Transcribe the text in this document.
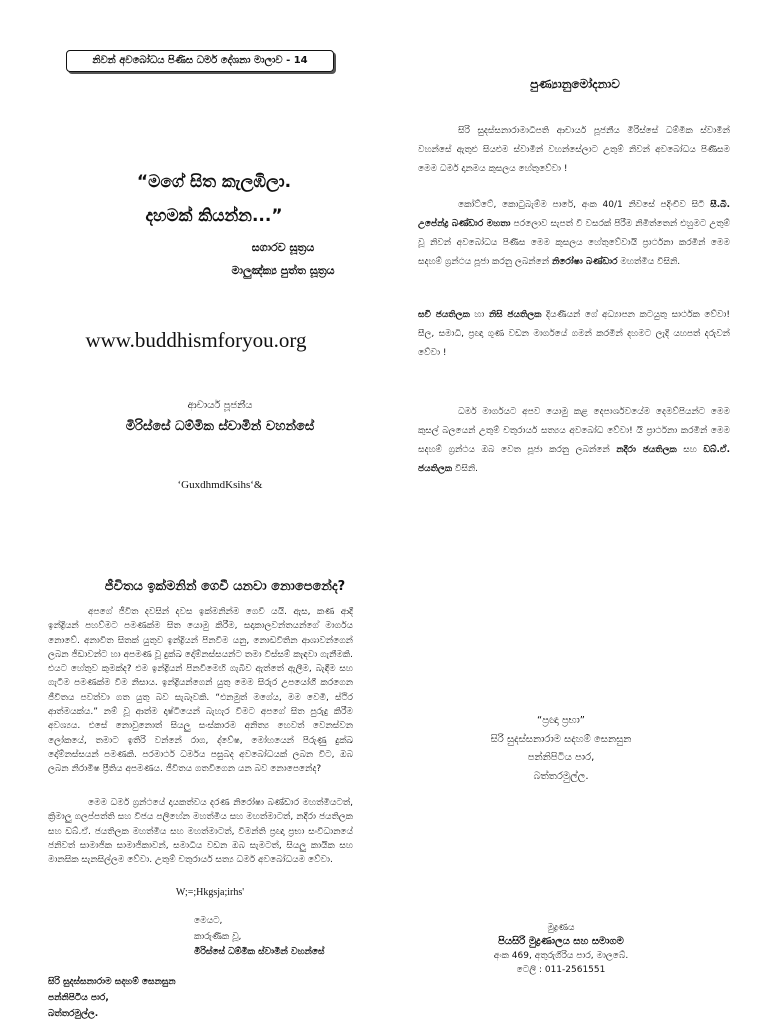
නිවන් අවබෝධය පිණිස ධර්ම දේශනා මාලාව - 14
“මගේ සිත කැලඹිලා.
දහමක් කියන්න...”
සගාරව සූත්‍රය
මාලුඤ්ක්‍ය පුත්ත සූත්‍රය
www.buddhismforyou.org
ආචාර්ය පූජනීය
මිරිස්සේ ධම්මික ස්වාමින් වහන්සේ
ʻGuxdhmdKsihsʻ&
පුණ්‍යානුමෝදනාව

සිරි සුදස්සනාරාමාධිපති ආචාර්ය පූජනීය මිරිස්සේ ධම්මික ස්වාමීන් වහන්සේ ඇතුළු සියළුම ස්වාමීන් වහන්සේලාට උතුම් නිවන් අවබෝධය පිණිසම මෙම ධර්ම දානමය කුසලය හේතුවේවා !

කෝට්ටේ, කොටුබැම්ම පාරේ, අංක 40/1 නිවසේ පදිංචිව සිටි සී.බී. උපේන්ද්‍ර බණ්ඩාර මහතා පරලොව සැපත් වී වසරක් පිරීම නිමිත්තෙන් එහුමට උතුම් වූ නිවන් අවබෝධය පිණිස මෙම කුසලය හේතුවේවායි ප්‍රාර්ථනා කරමින් මෙම සදහම් ග්‍රන්ථය පූජා කරනු ලබන්නේ නිරෝෂා බණ්ඩාර මහත්මිය විසිනි.

සචි ජයතිලක හා නිසි ජයතිලක දියණියන් ගේ අධ්‍යාපන කටයුතු සාර්ථක වේවා! සීල, සමාධි, ප්‍රඥා ගුණ වඩන මාර්ගයේ ගමන් කරමින් දහමට ලැදි යහපත් දරුවන් වේවා !

ධර්ම මාර්ගයට අපව යොමු කළ දෙපාර්ශවයේම දෙමව්පියන්ට මෙම කුසල් බලයෙන් උතුම් චතුරාර්ය සත්‍යය අවබෝධ වේවා! යි ප්‍රාර්ථනා කරමින් මෙම සදහම් ග්‍රන්ථය ඔබ වෙත පූජා කරනු ලබන්නේ නදීරා ජයතිලක සහ ඩබ්.ඒ. ජයතිලක විසිනි.

ජීවිතය ඉක්මනින් ගෙවී යනවා නොපෙනේද?

අපගේ ජීවිත දවසින් දවස ඉක්මනින්ම ගෙවී යයි. ඇස, කණ ආදී ඉන්ද්‍රියන් පහව්මට පමණක්ම සිත යොමු කිරීම, සදාකාලවන්තයන්ගේ මාර්ගය නොවේ. අනාවිත සිතක් යුතුව ඉන්ද්‍රියන් පිනවීම යනු, නොඩවිතින ආශාවන්ගෙන් ලබන ජිඩාවන්ට හා අපමණ වූ දුක්ඛ දෝම්නස්සයන්ට තමා විස්සම් කැඳවා ගැනීමකි. එයට හේතුව කුමක්ද? එම ඉන්ද්‍රියන් පිනවීමෙහි ගැබීව ඇත්තේ ඇලීම, බැඳීම සහ ගැටීම පමණක්ම වීම නිසාය. ඉන්ද්‍රියන්ගෙන් යුතු මෙම සිරුර උපයෝගී කරගෙන ජීවිතය පවත්වා ගත යුතු බව සැබෑවකි. “එනමුත් මගේය, මම වෙමි, ස්ථිර ආත්මයක්ය.” නම් වූ ආත්ම දෘෂ්ටියෙන් බැහැර වීමට අපගේ සිත පුරුදු කිරීම අවශ්‍යය. එසේ නොවුනොත් සියලු සංස්කාරම අනිත්‍ය හෙවත් වෙනස්වන ලෝකයේ, තමාට ඉතිරි වන්නේ රාග, ද්වේෂ, මෝහයෙන් පිරුණු දුක්ඛ දෝම්නස්සයන් පමණකි. පරමාර්ථ ධර්මය පසුබද අවබෝධයක් ලබන විට, ඔබ ලබන නිරාමිෂ ප්‍රීතිය අපමණය. ජීවිතය ගතවීගෙන යන බව නොපෙනේද?

මෙම ධර්ම ග්‍රන්ථයේ දායකත්වය දරණ නිරෝෂා බණ්ඩාර මහත්මියටත්, ක්‍රිමාලු ගලප්පත්ති සහ විජය පලිහේන මහත්මිය සහ මහත්මාටත්, නදීරා ජයතිලක සහ ඩබ්.ඒ. ජයතිලක මහත්මිය සහ මහත්මාටත්, විමන්ති ප්‍රඥා ප්‍රභා සංවිධානයේ ජනිවත් සාමාජික සාමාජිකාවන්, සමාධිය වඩන ඔබ සැමටත්, සියලු කායික සහ මානසික සැනසිල්ලම වේවා. උතුම් චතුරාර්ය සත්‍ය ධර්ම අවබෝධයම වේවා.

W;=;Hkgsja;irhs'
මෙයට,
කාරුණික වූ,
මිරිස්සේ ධම්මික ස්වාමින් වහන්සේ
සිරි සුදස්සනාරාම සදහම් සෙනසුන
පන්නිපිටිය පාර,
බත්තරමුල්ල.
“ප්‍රඥා ප්‍රභා”
සිරි සුදස්සනාරාම සදහම් සෙනසුන
පන්නිපිටිය පාර,
බත්තරමුල්ල.
මුද්‍රණය
පියසිරි මුද්‍රණාලය සහ සමාගම
අංක 469, අතුරුගිරිය පාර, මාලබේ.
ටෙලි : 011-2561551
